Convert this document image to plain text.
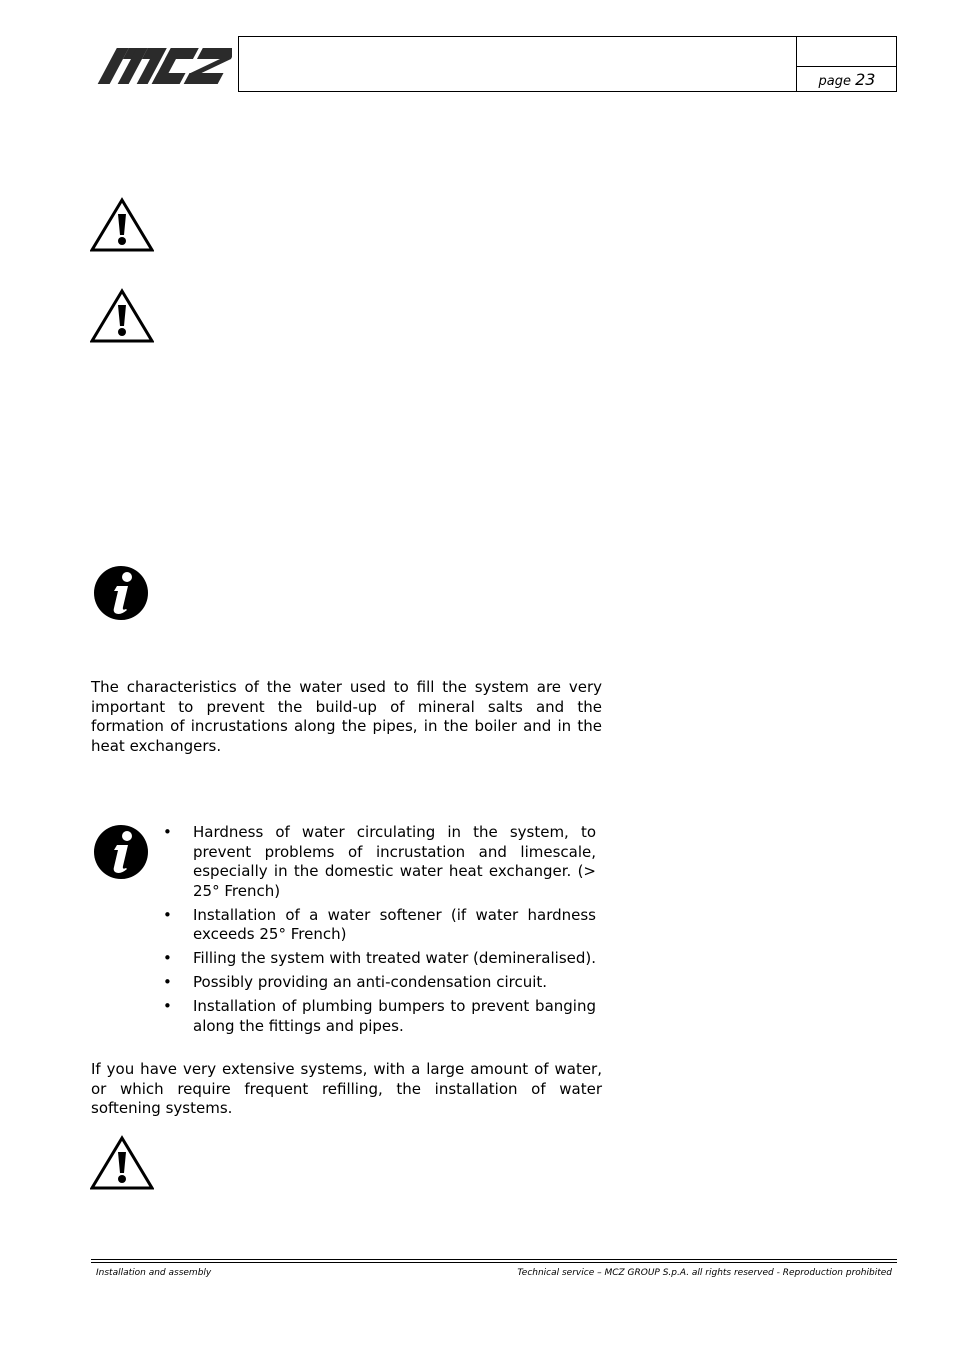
page 23

The characteristics of the water used to fill the system are very important to prevent the build-up of mineral salts and the formation of incrustations along the pipes, in the boiler and in the heat exchangers.

• Hardness of water circulating in the system, to prevent problems of incrustation and limescale, especially in the domestic water heat exchanger. (> 25° French)
• Installation of a water softener (if water hardness exceeds 25° French)
• Filling the system with treated water (demineralised).
• Possibly providing an anti-condensation circuit.
• Installation of plumbing bumpers to prevent banging along the fittings and pipes.

If you have very extensive systems, with a large amount of water, or which require frequent refilling, the installation of water softening systems.

Installation and assembly	Technical service – MCZ GROUP S.p.A. all rights reserved - Reproduction prohibited
